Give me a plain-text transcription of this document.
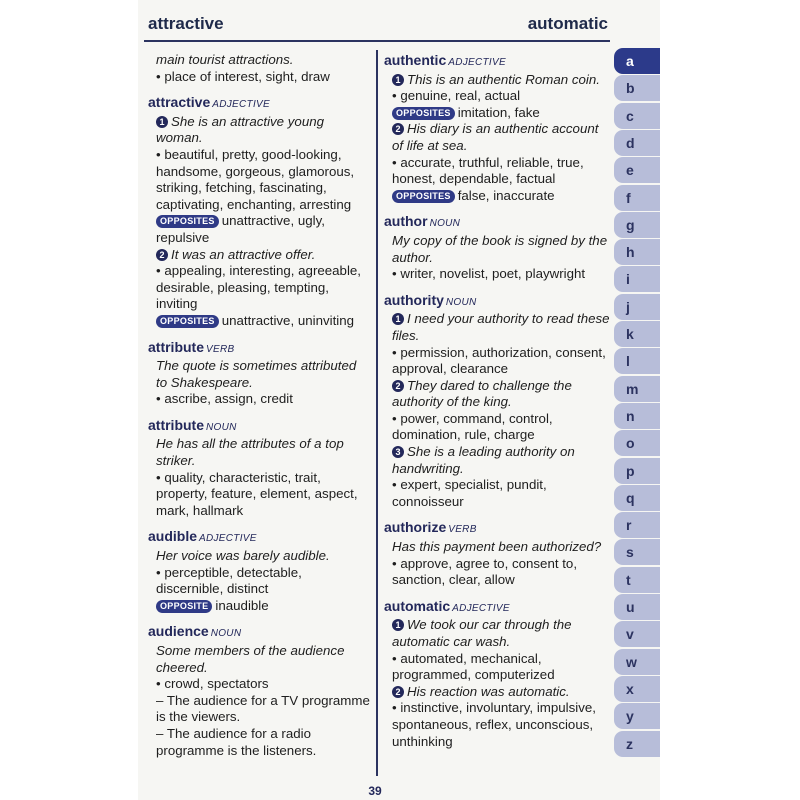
attractive	automatic
main tourist attractions.
• place of interest, sight, draw
attractive ADJECTIVE
1 She is an attractive young woman.
• beautiful, pretty, good-looking, handsome, gorgeous, glamorous, striking, fetching, fascinating, captivating, enchanting, arresting
OPPOSITES unattractive, ugly, repulsive
2 It was an attractive offer.
• appealing, interesting, agreeable, desirable, pleasing, tempting, inviting
OPPOSITES unattractive, uninviting
attribute VERB
The quote is sometimes attributed to Shakespeare.
• ascribe, assign, credit
attribute NOUN
He has all the attributes of a top striker.
• quality, characteristic, trait, property, feature, element, aspect, mark, hallmark
audible ADJECTIVE
Her voice was barely audible.
• perceptible, detectable, discernible, distinct
OPPOSITE inaudible
audience NOUN
Some members of the audience cheered.
• crowd, spectators
– The audience for a TV programme is the viewers.
– The audience for a radio programme is the listeners.
authentic ADJECTIVE
1 This is an authentic Roman coin.
• genuine, real, actual
OPPOSITES imitation, fake
2 His diary is an authentic account of life at sea.
• accurate, truthful, reliable, true, honest, dependable, factual
OPPOSITES false, inaccurate
author NOUN
My copy of the book is signed by the author.
• writer, novelist, poet, playwright
authority NOUN
1 I need your authority to read these files.
• permission, authorization, consent, approval, clearance
2 They dared to challenge the authority of the king.
• power, command, control, domination, rule, charge
3 She is a leading authority on handwriting.
• expert, specialist, pundit, connoisseur
authorize VERB
Has this payment been authorized?
• approve, agree to, consent to, sanction, clear, allow
automatic ADJECTIVE
1 We took our car through the automatic car wash.
• automated, mechanical, programmed, computerized
2 His reaction was automatic.
• instinctive, involuntary, impulsive, spontaneous, reflex, unconscious, unthinking
a
b
c
d
e
f
g
h
i
j
k
l
m
n
o
p
q
r
s
t
u
v
w
x
y
z
39
